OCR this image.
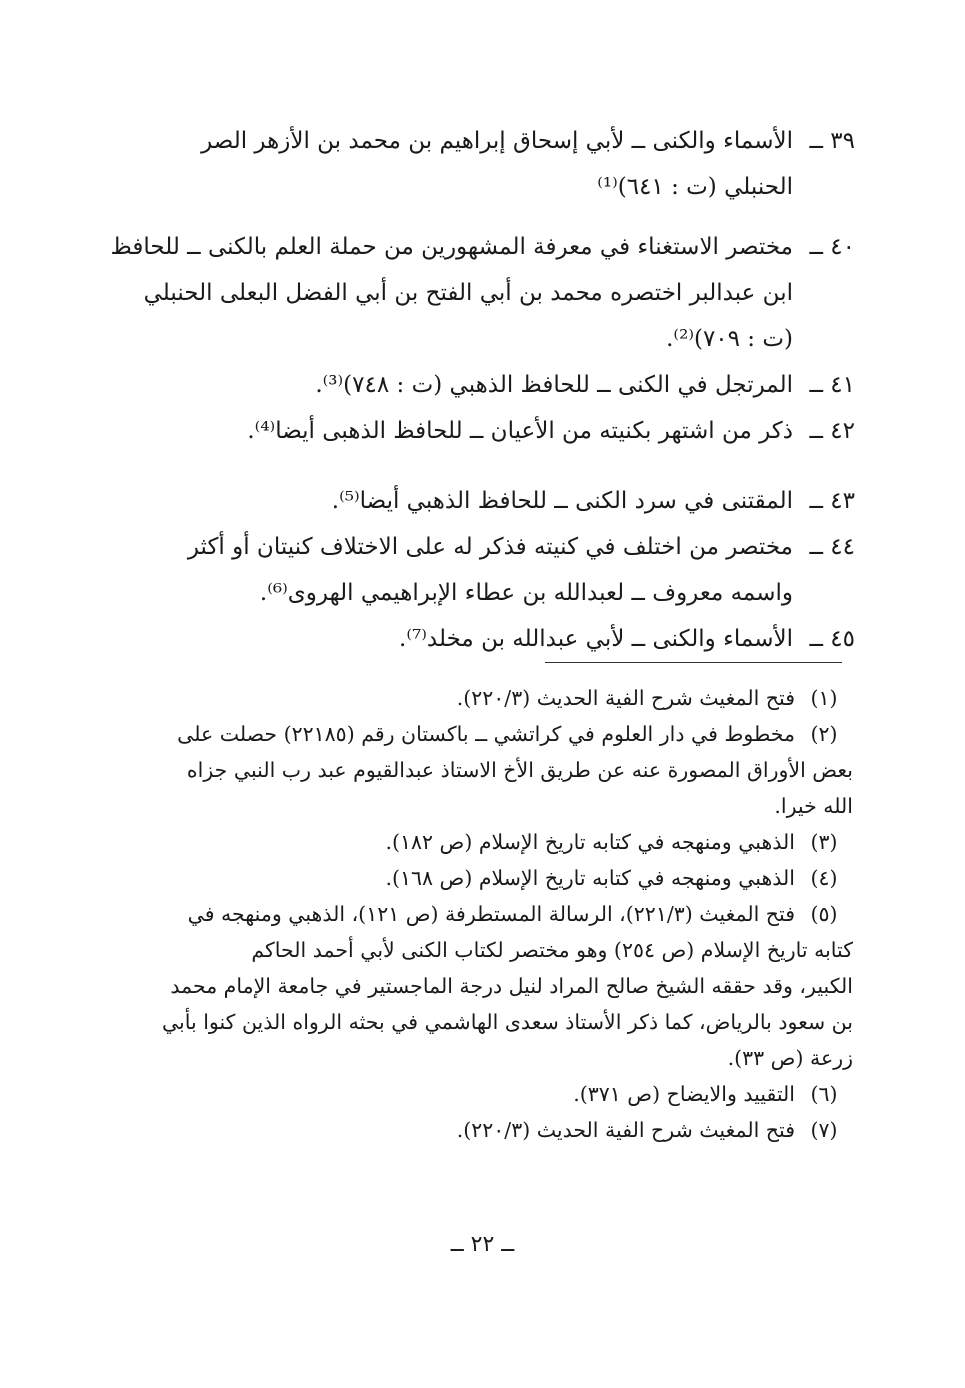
٣٩ ــ
الأسماء والكنى ــ لأبي إسحاق إبراهيم بن محمد بن الأزهر الصر
الحنبلي (ت : ٦٤١)⁽¹⁾
٤٠ ــ
مختصر الاستغناء في معرفة المشهورين من حملة العلم بالكنى ــ للحافظ
ابن عبدالبر اختصره محمد بن أبي الفتح بن أبي الفضل البعلى الحنبلي
(ت : ٧٠٩)⁽²⁾.
٤١ ــ
المرتجل في الكنى ــ للحافظ الذهبي (ت : ٧٤٨)⁽³⁾.
٤٢ ــ
ذكر من اشتهر بكنيته من الأعيان ــ للحافظ الذهبى أيضا⁽⁴⁾.
٤٣ ــ
المقتنى في سرد الكنى ــ للحافظ الذهبي أيضا⁽⁵⁾.
٤٤ ــ
مختصر من اختلف في كنيته فذكر له على الاختلاف كنيتان أو أكثر
واسمه معروف ــ لعبدالله بن عطاء الإبراهيمي الهروى⁽⁶⁾.
٤٥ ــ
الأسماء والكنى ــ لأبي عبدالله بن مخلد⁽⁷⁾.
(١)
فتح المغيث شرح الفية الحديث (٢٢٠/٣).
(٢)
مخطوط في دار العلوم في كراتشي ــ باكستان رقم (٢٢١٨٥) حصلت على
بعض الأوراق المصورة عنه عن طريق الأخ الاستاذ عبدالقيوم عبد رب النبي جزاه
الله خيرا.
(٣)
الذهبي ومنهجه في كتابه تاريخ الإسلام (ص ١٨٢).
(٤)
الذهبي ومنهجه في كتابه تاريخ الإسلام (ص ١٦٨).
(٥)
فتح المغيث (٢٢١/٣)، الرسالة المستطرفة (ص ١٢١)، الذهبي ومنهجه في
كتابه تاريخ الإسلام (ص ٢٥٤) وهو مختصر لكتاب الكنى لأبي أحمد الحاكم
الكبير، وقد حققه الشيخ صالح المراد لنيل درجة الماجستير في جامعة الإمام محمد
بن سعود بالرياض، كما ذكر الأستاذ سعدى الهاشمي في بحثه الرواه الذين كنوا بأبي
زرعة (ص ٣٣).
(٦)
التقييد والايضاح (ص ٣٧١).
(٧)
فتح المغيث شرح الفية الحديث (٢٢٠/٣).
ــ ٢٢ ــ
